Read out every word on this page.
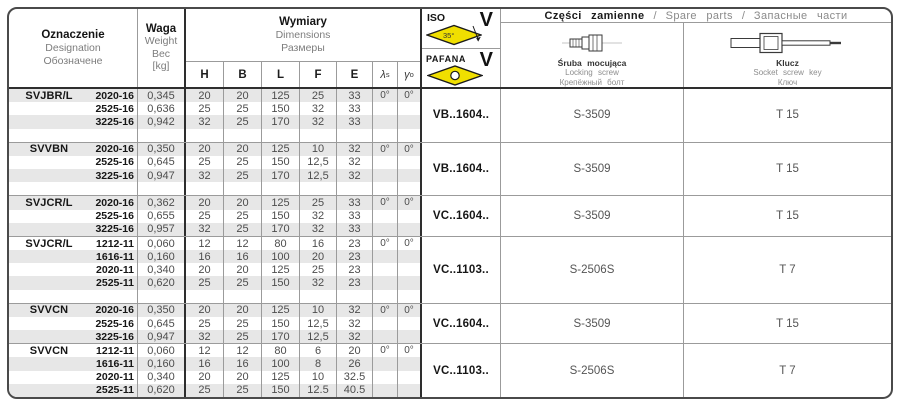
Oznaczenie
Designation
Обозначене
Waga
Weight
Вес
[kg]
Wymiary
Dimensions
Размеры
H	B	L	F	E	λ s γ o
ISO V
35°
PAFANA V
Części zamienne / Spare parts / Запасные части
Śruba mocująca
Locking screw
Крепёжный болт
Klucz
Socket screw key
Ключ
SVJBR/L	2020-16	0,345	20	20	125	25	33	0°	0°
2525-16	0,636	25	25	150	32	33
3225-16	0,942	32	25	170	32	33
VB..1604..	S-3509	T 15
SVVBN	2020-16	0,350	20	20	125	10	32	0°	0°
2525-16	0,645	25	25	150	12,5	32
3225-16	0,947	32	25	170	12,5	32
VB..1604..	S-3509	T 15
SVJCR/L	2020-16	0,362	20	20	125	25	33	0°	0°
2525-16	0,655	25	25	150	32	33
3225-16	0,957	32	25	170	32	33
VC..1604..	S-3509	T 15
SVJCR/L	1212-11	0,060	12	12	80	16	23	0°	0°
1616-11	0,160	16	16	100	20	23
2020-11	0,340	20	20	125	25	23
2525-11	0,620	25	25	150	32	23
VC..1103..	S-2506S	T 7
SVVCN	2020-16	0,350	20	20	125	10	32	0°	0°
2525-16	0,645	25	25	150	12,5	32
3225-16	0,947	32	25	170	12,5	32
VC..1604..	S-3509	T 15
SVVCN	1212-11	0,060	12	12	80	6	20	0°	0°
1616-11	0,160	16	16	100	8	26
2020-11	0,340	20	20	125	10	32.5
2525-11	0,620	25	25	150	12.5	40.5
VC..1103..	S-2506S	T 7
